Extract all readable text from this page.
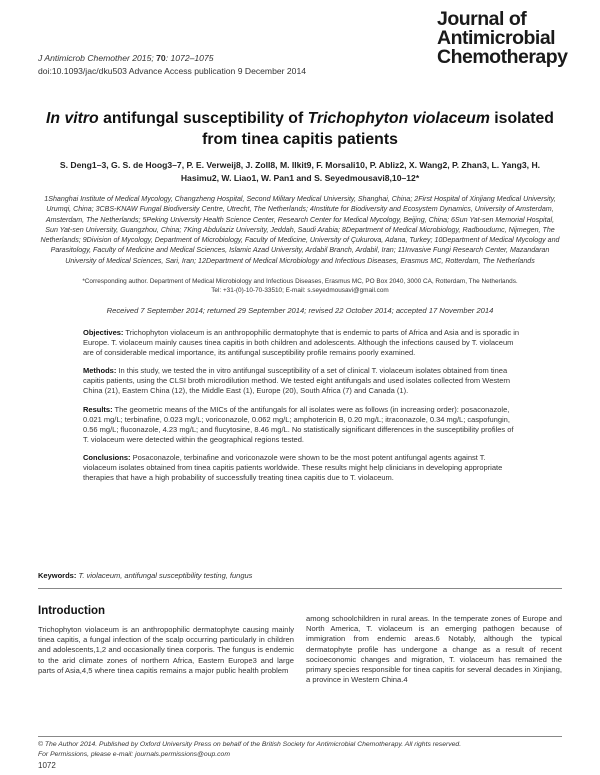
J Antimicrob Chemother 2015; 70: 1072–1075
doi:10.1093/jac/dku503 Advance Access publication 9 December 2014
Journal of
Antimicrobial
Chemotherapy
In vitro antifungal susceptibility of Trichophyton violaceum isolated from tinea capitis patients
S. Deng1–3, G. S. de Hoog3–7, P. E. Verweij8, J. Zoll8, M. Ilkit9, F. Morsali10, P. Abliz2, X. Wang2, P. Zhan3, L. Yang3, H. Hasimu2, W. Liao1, W. Pan1 and S. Seyedmousavi8,10–12*
1Shanghai Institute of Medical Mycology, Changzheng Hospital, Second Military Medical University, Shanghai, China; 2First Hospital of Xinjiang Medical University, Urumqi, China; 3CBS-KNAW Fungal Biodiversity Centre, Utrecht, The Netherlands; 4Institute for Biodiversity and Ecosystem Dynamics, University of Amsterdam, Amsterdam, The Netherlands; 5Peking University Health Science Center, Research Center for Medical Mycology, Beijing, China; 6Sun Yat-sen Memorial Hospital, Sun Yat-sen University, Guangzhou, China; 7King Abdulaziz University, Jeddah, Saudi Arabia; 8Department of Medical Microbiology, Radboudumc, Nijmegen, The Netherlands; 9Division of Mycology, Department of Microbiology, Faculty of Medicine, University of Çukurova, Adana, Turkey; 10Department of Medical Mycology and Parasitology, Faculty of Medicine and Medical Sciences, Islamic Azad University, Ardabil Branch, Ardabil, Iran; 11Invasive Fungi Research Center, Mazandaran University of Medical Sciences, Sari, Iran; 12Department of Medical Microbiology and Infectious Diseases, Erasmus MC, Rotterdam, The Netherlands
*Corresponding author. Department of Medical Microbiology and Infectious Diseases, Erasmus MC, PO Box 2040, 3000 CA, Rotterdam, The Netherlands.
Tel: +31-(0)-10-70-33510; E-mail: s.seyedmousavi@gmail.com
Received 7 September 2014; returned 29 September 2014; revised 22 October 2014; accepted 17 November 2014

Objectives: Trichophyton violaceum is an anthropophilic dermatophyte that is endemic to parts of Africa and Asia and is sporadic in Europe. T. violaceum mainly causes tinea capitis in both children and adolescents. Although the infections caused by T. violaceum are of considerable medical importance, its antifungal susceptibility profile remains poorly examined.

Methods: In this study, we tested the in vitro antifungal susceptibility of a set of clinical T. violaceum isolates obtained from tinea capitis patients, using the CLSI broth microdilution method. We tested eight antifungals and used isolates collected from Western China (21), Eastern China (12), the Middle East (1), Europe (20), South Africa (7) and Canada (1).

Results: The geometric means of the MICs of the antifungals for all isolates were as follows (in increasing order): posaconazole, 0.021 mg/L; terbinafine, 0.023 mg/L; voriconazole, 0.062 mg/L; amphotericin B, 0.20 mg/L; itraconazole, 0.34 mg/L; caspofungin, 0.56 mg/L; fluconazole, 4.23 mg/L; and flucytosine, 8.46 mg/L. No statistically significant differences in the susceptibility profiles of T. violaceum were detected within the geographical regions tested.

Conclusions: Posaconazole, terbinafine and voriconazole were shown to be the most potent antifungal agents against T. violaceum isolates obtained from tinea capitis patients worldwide. These results might help clinicians in developing appropriate therapies that have a high probability of successfully treating tinea capitis due to T. violaceum.

Keywords: T. violaceum, antifungal susceptibility testing, fungus
Introduction
Trichophyton violaceum is an anthropophilic dermatophyte causing mainly tinea capitis, a fungal infection of the scalp occurring particularly in children and adolescents,1,2 and occasionally tinea corporis. The fungus is endemic to the arid climate zones of northern Africa, Eastern Europe3 and large parts of Asia,4,5 where tinea capitis remains a major public health problem
among schoolchildren in rural areas. In the temperate zones of Europe and North America, T. violaceum is an emerging pathogen because of immigration from endemic areas.6 Notably, although the typical dermatophyte profile has undergone a change as a result of recent socioeconomic changes and migration, T. violaceum has remained the primary species responsible for tinea capitis for several decades in Xinjiang, a province in Western China.4
© The Author 2014. Published by Oxford University Press on behalf of the British Society for Antimicrobial Chemotherapy. All rights reserved.
For Permissions, please e-mail: journals.permissions@oup.com
1072
